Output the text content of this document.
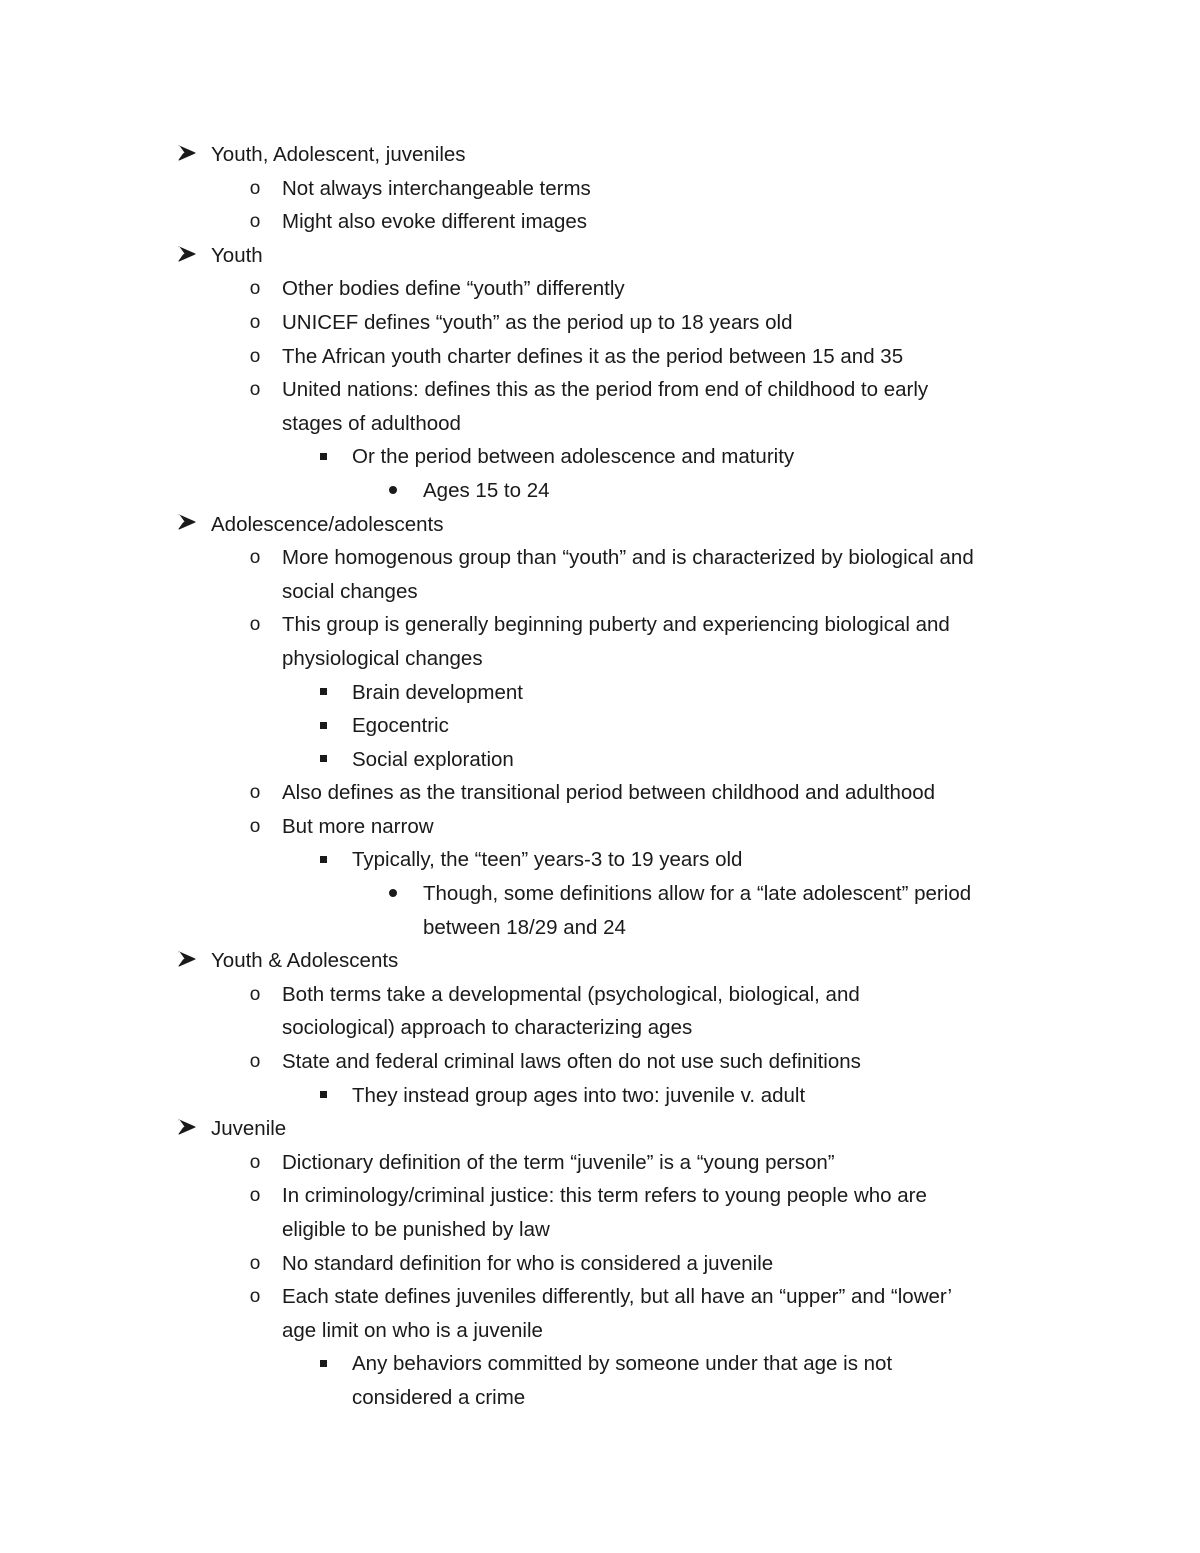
Youth, Adolescent, juveniles
o Not always interchangeable terms
o Might also evoke different images
Youth
o Other bodies define “youth” differently
o UNICEF defines “youth” as the period up to 18 years old
o The African youth charter defines it as the period between 15 and 35
o United nations: defines this as the period from end of childhood to early
stages of adulthood
Or the period between adolescence and maturity
Ages 15 to 24
Adolescence/adolescents
o More homogenous group than “youth” and is characterized by biological and
social changes
o This group is generally beginning puberty and experiencing biological and
physiological changes
Brain development
Egocentric
Social exploration
o Also defines as the transitional period between childhood and adulthood
o But more narrow
Typically, the “teen” years-3 to 19 years old
Though, some definitions allow for a “late adolescent” period
between 18/29 and 24
Youth & Adolescents
o Both terms take a developmental (psychological, biological, and
sociological) approach to characterizing ages
o State and federal criminal laws often do not use such definitions
They instead group ages into two: juvenile v. adult
Juvenile
o Dictionary definition of the term “juvenile” is a “young person”
o In criminology/criminal justice: this term refers to young people who are
eligible to be punished by law
o No standard definition for who is considered a juvenile
o Each state defines juveniles differently, but all have an “upper” and “lower’
age limit on who is a juvenile
Any behaviors committed by someone under that age is not
considered a crime
